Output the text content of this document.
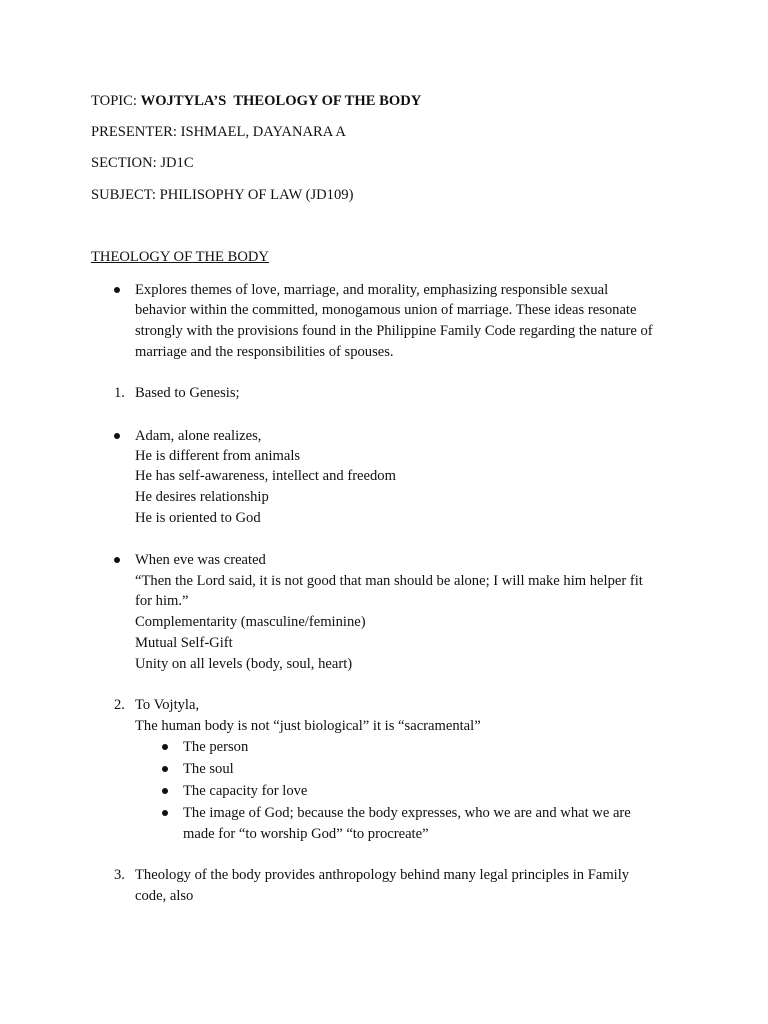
TOPIC: WOJTYLA’S  THEOLOGY OF THE BODY
PRESENTER: ISHMAEL, DAYANARA A
SECTION: JD1C
SUBJECT: PHILISOPHY OF LAW (JD109)
THEOLOGY OF THE BODY
Explores themes of love, marriage, and morality, emphasizing responsible sexual
behavior within the committed, monogamous union of marriage. These ideas resonate
strongly with the provisions found in the Philippine Family Code regarding the nature of
marriage and the responsibilities of spouses.
1. Based to Genesis;
Adam, alone realizes,
He is different from animals
He has self-awareness, intellect and freedom
He desires relationship
He is oriented to God
When eve was created
“Then the Lord said, it is not good that man should be alone; I will make him helper fit
for him.”
Complementarity (masculine/feminine)
Mutual Self-Gift
Unity on all levels (body, soul, heart)
2. To Vojtyla,
The human body is not “just biological” it is “sacramental”
The person
The soul
The capacity for love
The image of God; because the body expresses, who we are and what we are
made for “to worship God” “to procreate”
3. Theology of the body provides anthropology behind many legal principles in Family
code, also
